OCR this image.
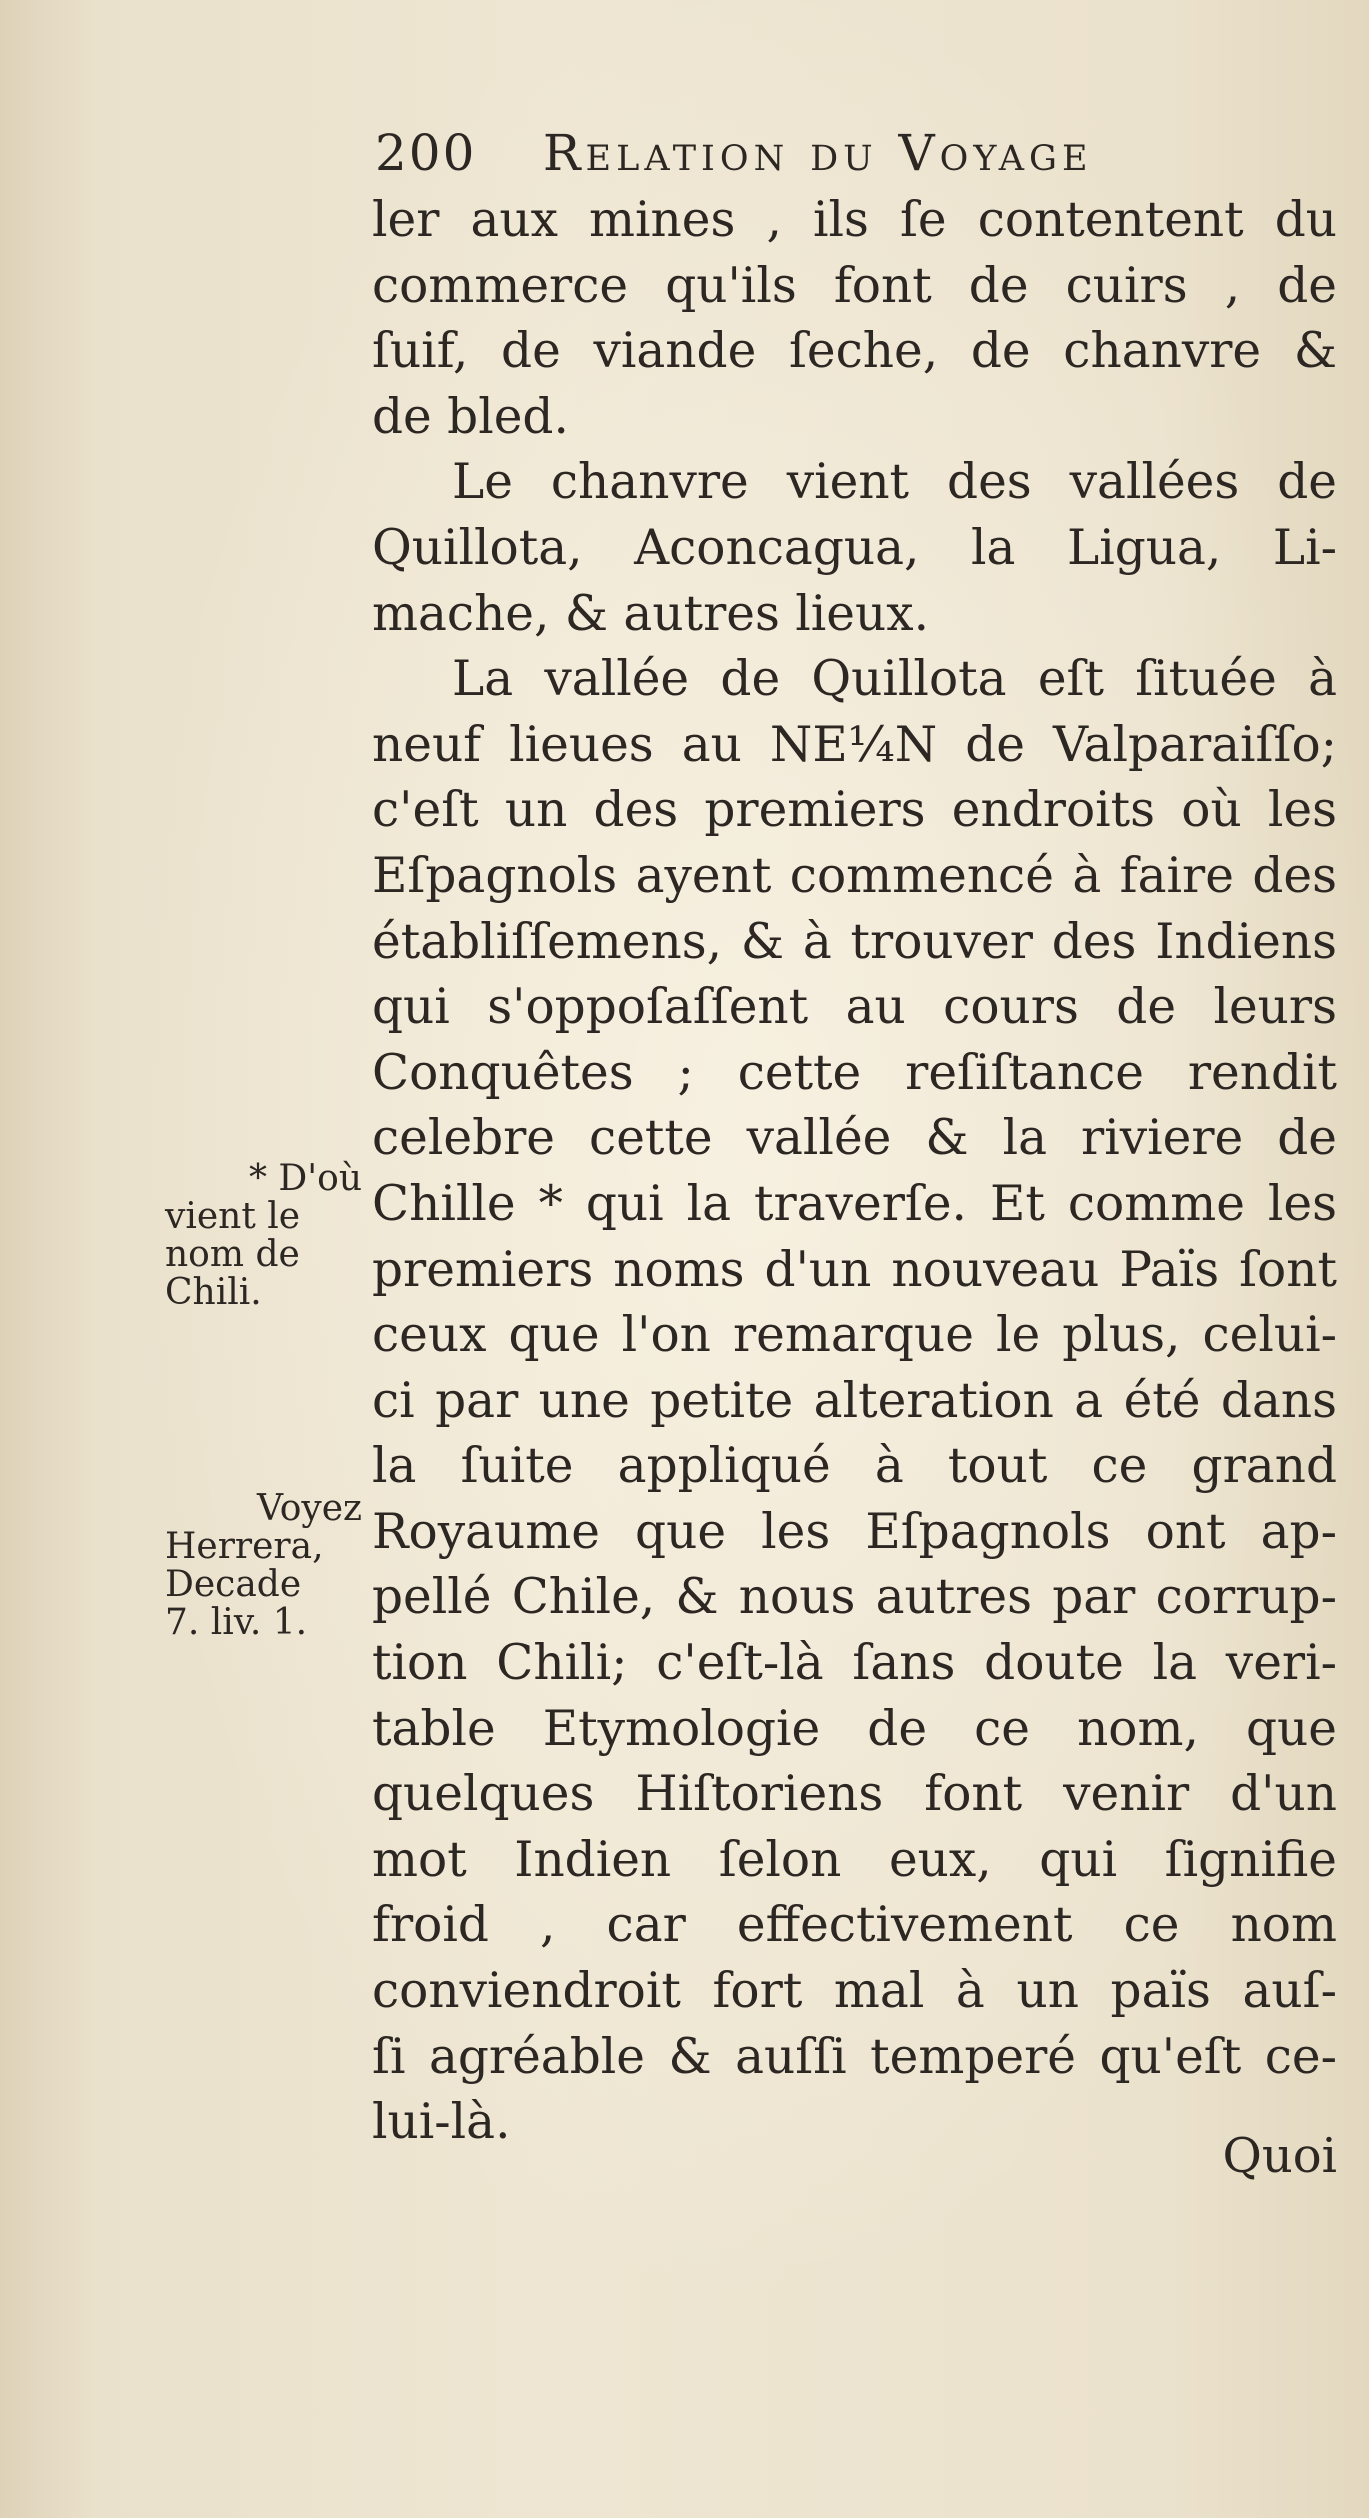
200 Relation du Voyage
ler aux mines , ils ſe contentent du
commerce qu'ils font de cuirs , de
ſuif, de viande ſeche, de chanvre &
de bled.
Le chanvre vient des vallées de
Quillota, Aconcagua, la Ligua, Li-
mache, & autres lieux.
La vallée de Quillota eſt ſituée à
neuf lieues au NE¼N de Valparaiſſo;
c'eſt un des premiers endroits où les
Eſpagnols ayent commencé à faire des
établiſſemens, & à trouver des Indiens
qui s'oppoſaſſent au cours de leurs
Conquêtes ; cette reſiſtance rendit
celebre cette vallée & la riviere de
Chille * qui la traverſe. Et comme les
premiers noms d'un nouveau Païs ſont
ceux que l'on remarque le plus, celui-
ci par une petite alteration a été dans
la ſuite appliqué à tout ce grand
Royaume que les Eſpagnols ont ap-
pellé Chile, & nous autres par corrup-
tion Chili; c'eſt-là ſans doute la veri-
table Etymologie de ce nom, que
quelques Hiſtoriens font venir d'un
mot Indien ſelon eux, qui ſignifie
froid , car effectivement ce nom
conviendroit fort mal à un païs auſ-
ſi agréable & auſſi temperé qu'eſt ce-
lui-là.
* D'où
vient le
nom de
Chili.
Voyez
Herrera,
Decade
7. liv. 1.
Quoi
